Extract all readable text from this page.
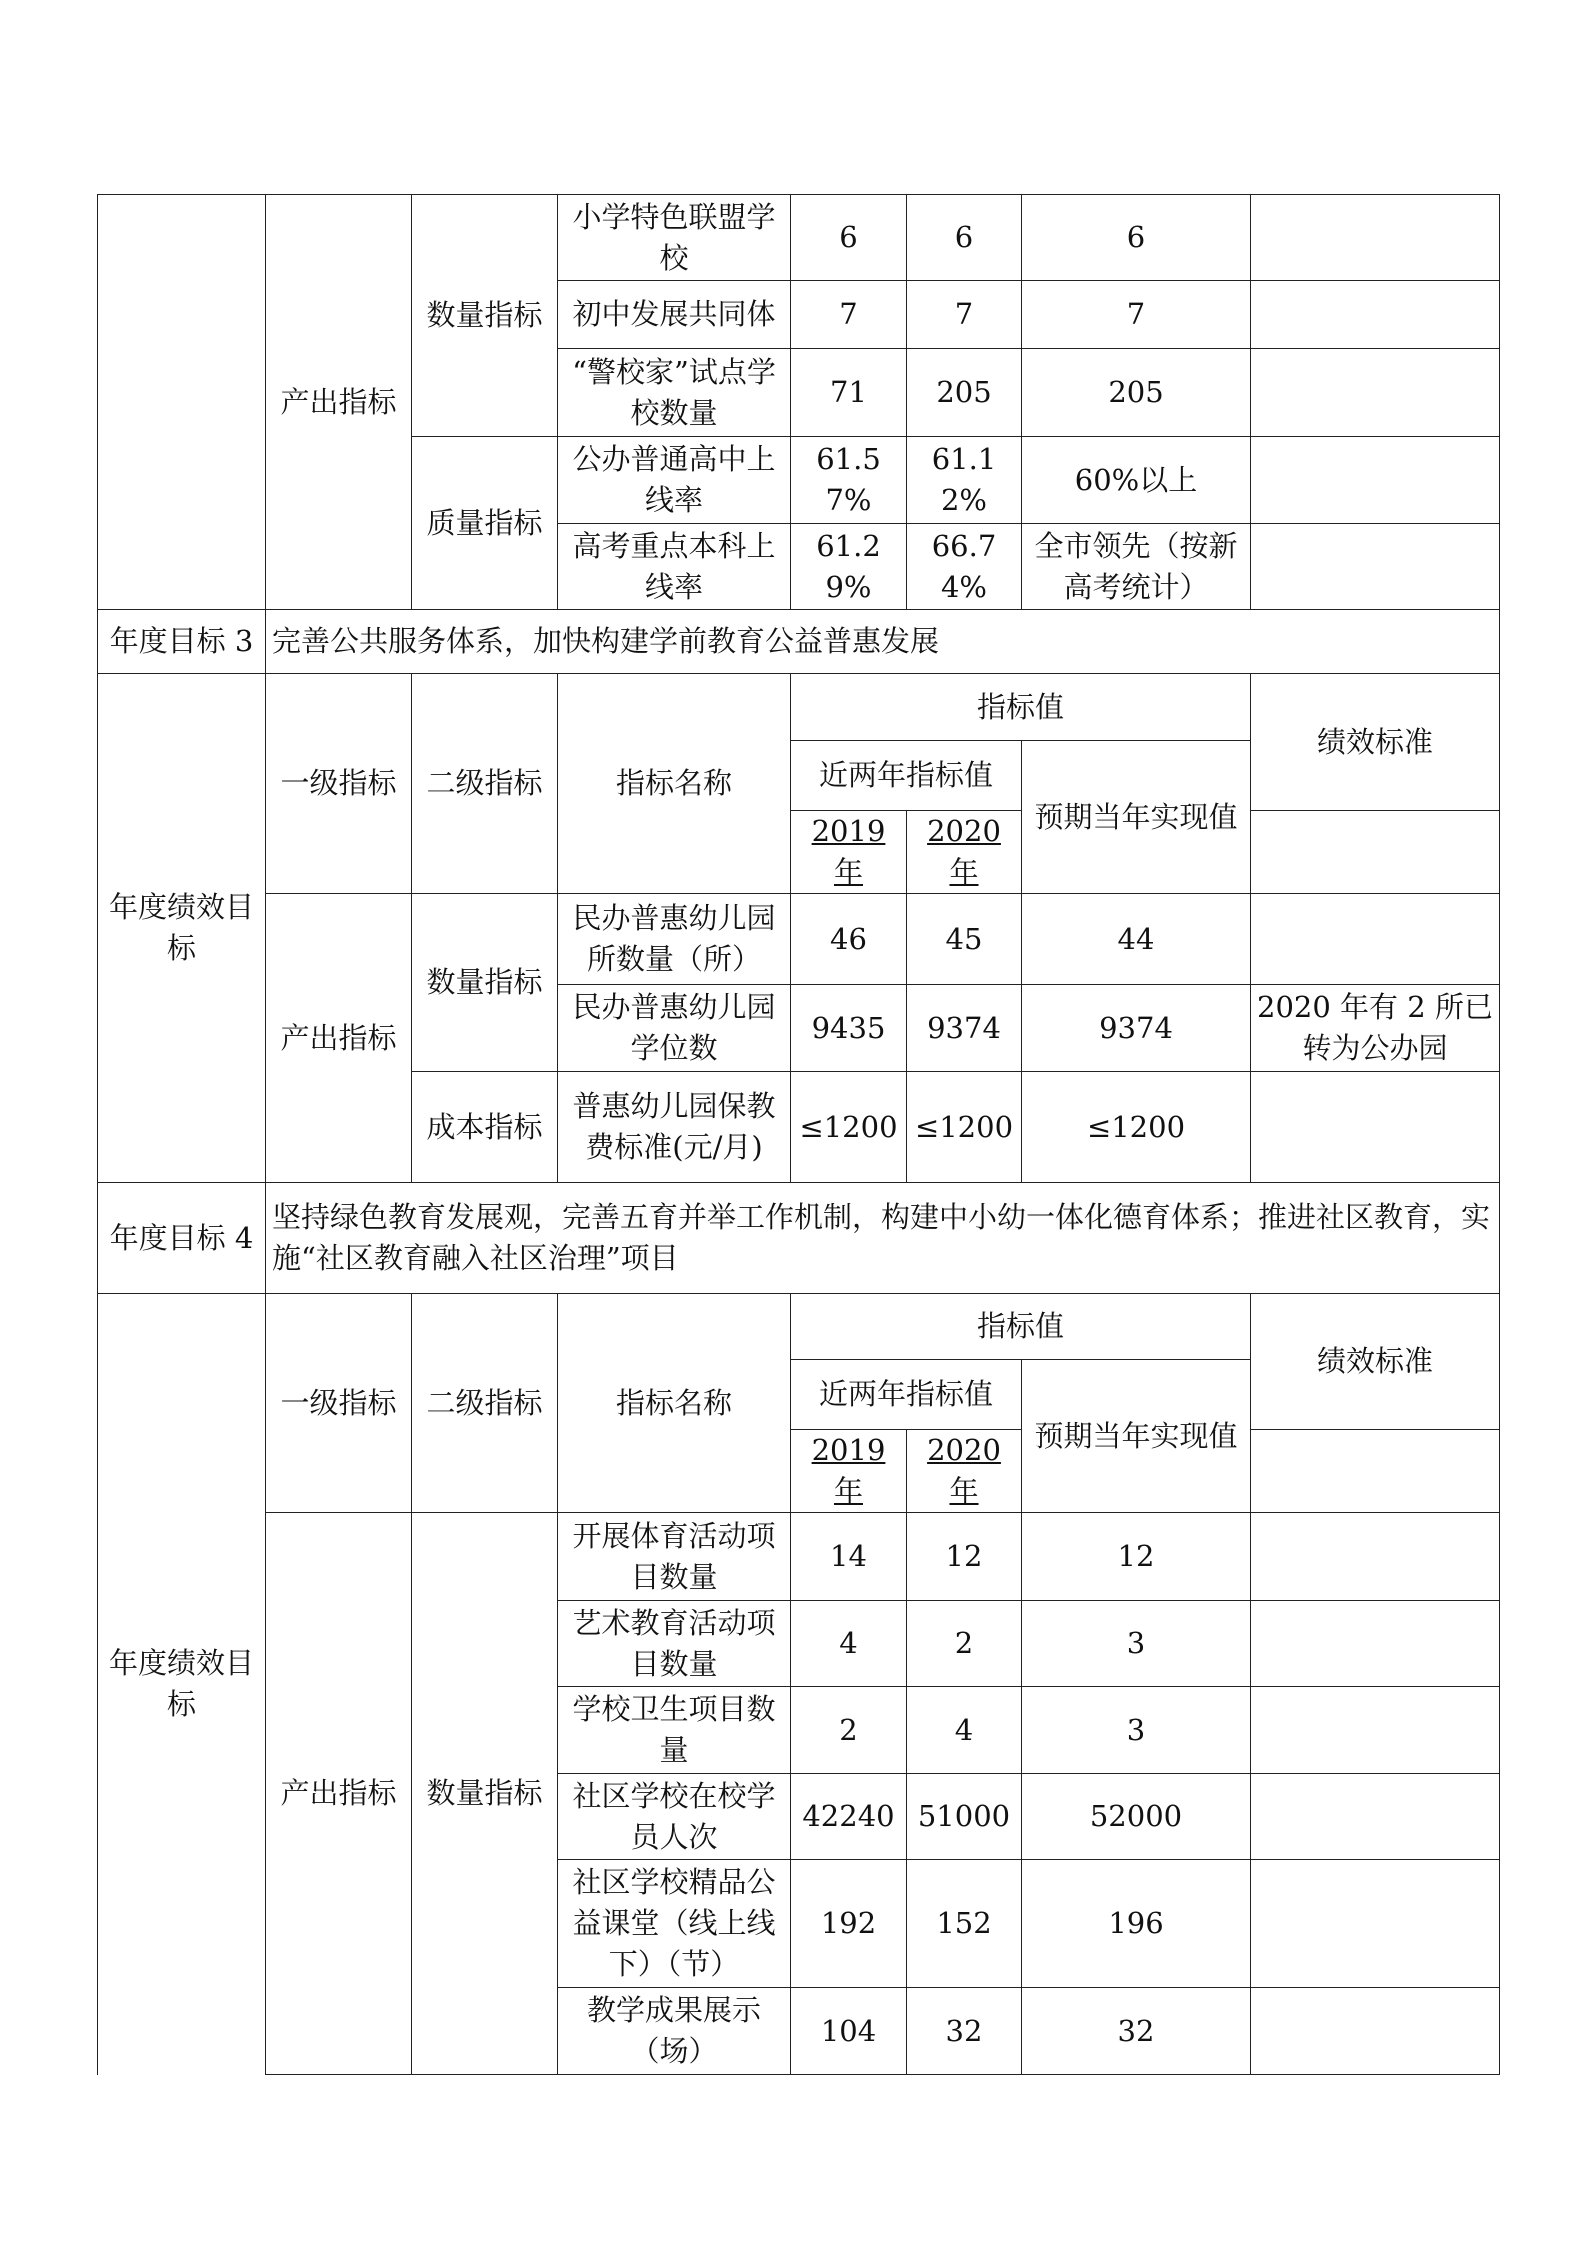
	产出指标	数量指标	小学特色联盟学校	6	6	6	
			初中发展共同体	7	7	7	
			“警校家”试点学校数量	71	205	205	
		质量指标	公办普通高中上线率	61.57%	61.12%	60%以上	
			高考重点本科上线率	61.29%	66.74%	全市领先（按新高考统计）	
年度目标 3	完善公共服务体系，加快构建学前教育公益普惠发展						
年度绩效目标	一级指标	二级指标	指标名称	指标值			绩效标准
				近两年指标值		预期当年实现值	
				2019 年	2020 年		
	产出指标	数量指标	民办普惠幼儿园所数量（所）	46	45	44	
			民办普惠幼儿园学位数	9435	9374	9374	2020 年有 2 所已转为公办园
		成本指标	普惠幼儿园保教费标准(元/月)	≤1200	≤1200	≤1200	
年度目标 4	坚持绿色教育发展观，完善五育并举工作机制，构建中小幼一体化德育体系；推进社区教育，实施“社区教育融入社区治理”项目						
年度绩效目标	一级指标	二级指标	指标名称	指标值			绩效标准
				近两年指标值		预期当年实现值	
				2019 年	2020 年		
	产出指标	数量指标	开展体育活动项目数量	14	12	12	
			艺术教育活动项目数量	4	2	3	
			学校卫生项目数量	2	4	3	
			社区学校在校学员人次	42240	51000	52000	
			社区学校精品公益课堂（线上线下）（节）	192	152	196	
			教学成果展示（场）	104	32	32	
